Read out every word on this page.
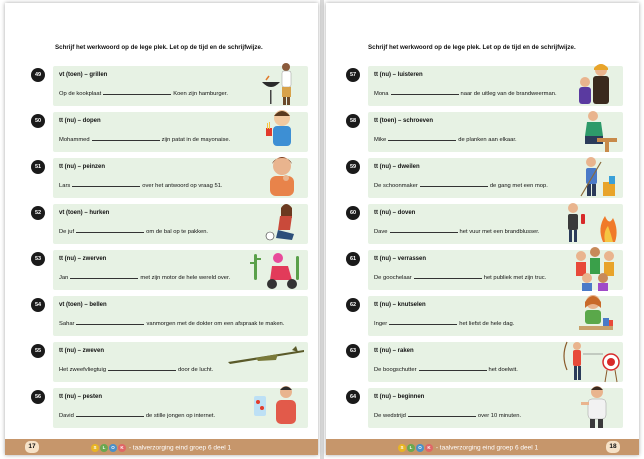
Schrijf het werkwoord op de lege plek. Let op de tijd en de schrijfwijze.
49	vt (toen) – grillen
Op de kookplaat	Koen zijn hamburger.
50	tt (nu) – dopen
Mohammed	zijn patat in de mayonaise.
51	tt (nu) – peinzen
Lars	over het antwoord op vraag 51.
52	vt (toen) – hurken
De juf	om de bal op te pakken.
53	tt (nu) – zwerven
Jan	met zijn motor de hele wereld over.
54	vt (toen) – bellen
Sahar	vanmorgen met de dokter om een afspraak te maken.
55	tt (nu) – zweven
Het zweefvliegtuig	door de lucht.
56	tt (nu) – pesten
David	de stille jongen op internet.
17	S L O K - taalverzorging eind groep 6 deel 1
Schrijf het werkwoord op de lege plek. Let op de tijd en de schrijfwijze.
57	tt (nu) – luisteren
Mona	naar de uitleg van de brandweerman.
58	tt (toen) – schroeven
Mike	de planken aan elkaar.
59	tt (nu) – dweilen
De schoonmaker	de gang met een mop.
60	tt (nu) – doven
Dave	het vuur met een brandblusser.
61	tt (nu) – verrassen
De goochelaar	het publiek met zijn truc.
62	tt (nu) – knutselen
Inger	het liefst de hele dag.
63	tt (nu) – raken
De boogschutter	het doelwit.
64	tt (nu) – beginnen
De wedstrijd	over 10 minuten.
S L O K - taalverzorging eind groep 6 deel 1	18
